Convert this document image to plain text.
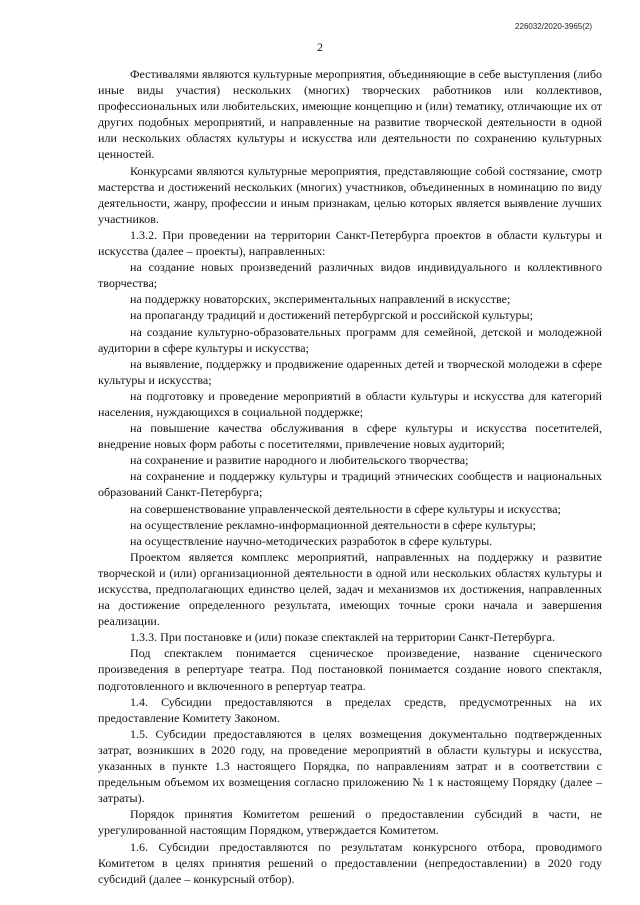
226032/2020-3965(2)
2

Фестивалями являются культурные мероприятия, объединяющие в себе выступления (либо иные виды участия) нескольких (многих) творческих работников или коллективов, профессиональных или любительских, имеющие концепцию и (или) тематику, отличающие их от других подобных мероприятий, и направленные на развитие творческой деятельности в одной или нескольких областях культуры и искусства или деятельности по сохранению культурных ценностей.

Конкурсами являются культурные мероприятия, представляющие собой состязание, смотр мастерства и достижений нескольких (многих) участников, объединенных в номинацию по виду деятельности, жанру, профессии и иным признакам, целью которых является выявление лучших участников.

1.3.2. При проведении на территории Санкт-Петербурга проектов в области культуры и искусства (далее – проекты), направленных:

на создание новых произведений различных видов индивидуального и коллективного творчества;

на поддержку новаторских, экспериментальных направлений в искусстве;

на пропаганду традиций и достижений петербургской и российской культуры;

на создание культурно-образовательных программ для семейной, детской и молодежной аудитории в сфере культуры и искусства;

на выявление, поддержку и продвижение одаренных детей и творческой молодежи в сфере культуры и искусства;

на подготовку и проведение мероприятий в области культуры и искусства для категорий населения, нуждающихся в социальной поддержке;

на повышение качества обслуживания в сфере культуры и искусства посетителей, внедрение новых форм работы с посетителями, привлечение новых аудиторий;

на сохранение и развитие народного и любительского творчества;

на сохранение и поддержку культуры и традиций этнических сообществ и национальных образований Санкт-Петербурга;

на совершенствование управленческой деятельности в сфере культуры и искусства;

на осуществление рекламно-информационной деятельности в сфере культуры;

на осуществление научно-методических разработок в сфере культуры.

Проектом является комплекс мероприятий, направленных на поддержку и развитие творческой и (или) организационной деятельности в одной или нескольких областях культуры и искусства, предполагающих единство целей, задач и механизмов их достижения, направленных на достижение определенного результата, имеющих точные сроки начала и завершения реализации.

1.3.3. При постановке и (или) показе спектаклей на территории Санкт-Петербурга.

Под спектаклем понимается сценическое произведение, название сценического произведения в репертуаре театра. Под постановкой понимается создание нового спектакля, подготовленного и включенного в репертуар театра.

1.4. Субсидии предоставляются в пределах средств, предусмотренных на их предоставление Комитету Законом.

1.5. Субсидии предоставляются в целях возмещения документально подтвержденных затрат, возникших в 2020 году, на проведение мероприятий в области культуры и искусства, указанных в пункте 1.3 настоящего Порядка, по направлениям затрат и в соответствии с предельным объемом их возмещения согласно приложению № 1 к настоящему Порядку (далее – затраты).

Порядок принятия Комитетом решений о предоставлении субсидий в части, не урегулированной настоящим Порядком, утверждается Комитетом.

1.6. Субсидии предоставляются по результатам конкурсного отбора, проводимого Комитетом в целях принятия решений о предоставлении (непредоставлении) в 2020 году субсидий (далее – конкурсный отбор).
